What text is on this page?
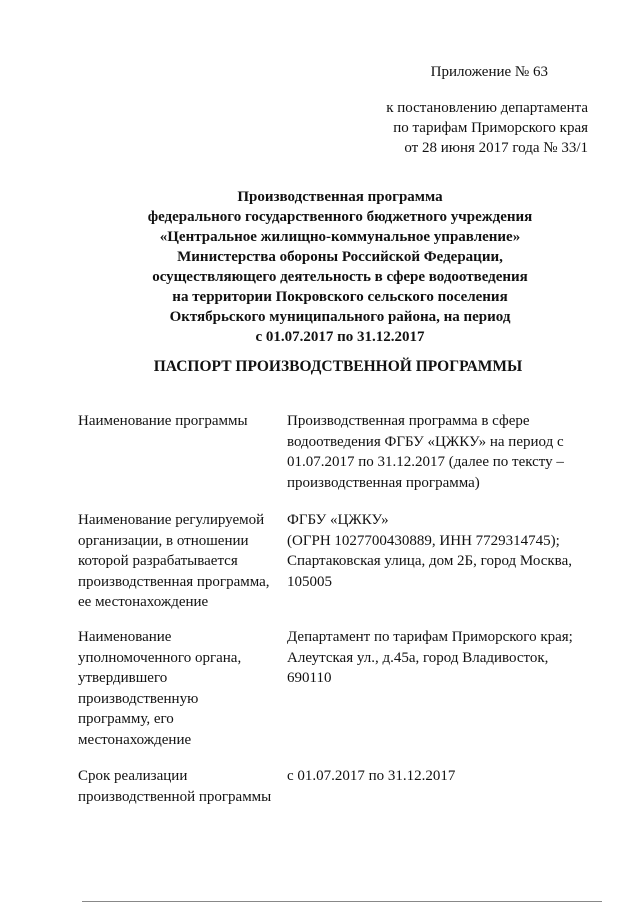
Приложение № 63
к постановлению департамента
по тарифам Приморского края
от 28 июня 2017 года № 33/1
Производственная программа
федерального государственного бюджетного учреждения
«Центральное жилищно-коммунальное управление»
Министерства обороны Российской Федерации,
осуществляющего деятельность в сфере водоотведения
на территории Покровского сельского поселения
Октябрьского муниципального района, на период
с 01.07.2017 по 31.12.2017
ПАСПОРТ ПРОИЗВОДСТВЕННОЙ ПРОГРАММЫ
Наименование программы	Производственная программа в сфере
водоотведения ФГБУ «ЦЖКУ» на период с
01.07.2017 по 31.12.2017 (далее по тексту –
производственная программа)
Наименование регулируемой
организации, в отношении
которой разрабатывается
производственная программа,
ее местонахождение
ФГБУ «ЦЖКУ»
(ОГРН 1027700430889, ИНН 7729314745);
Спартаковская улица, дом 2Б, город Москва,
105005
Наименование
уполномоченного органа,
утвердившего
производственную
программу, его
местонахождение
Департамент по тарифам Приморского края;
Алеутская ул., д.45а, город Владивосток,
690110
Срок реализации
производственной программы
с 01.07.2017 по 31.12.2017
